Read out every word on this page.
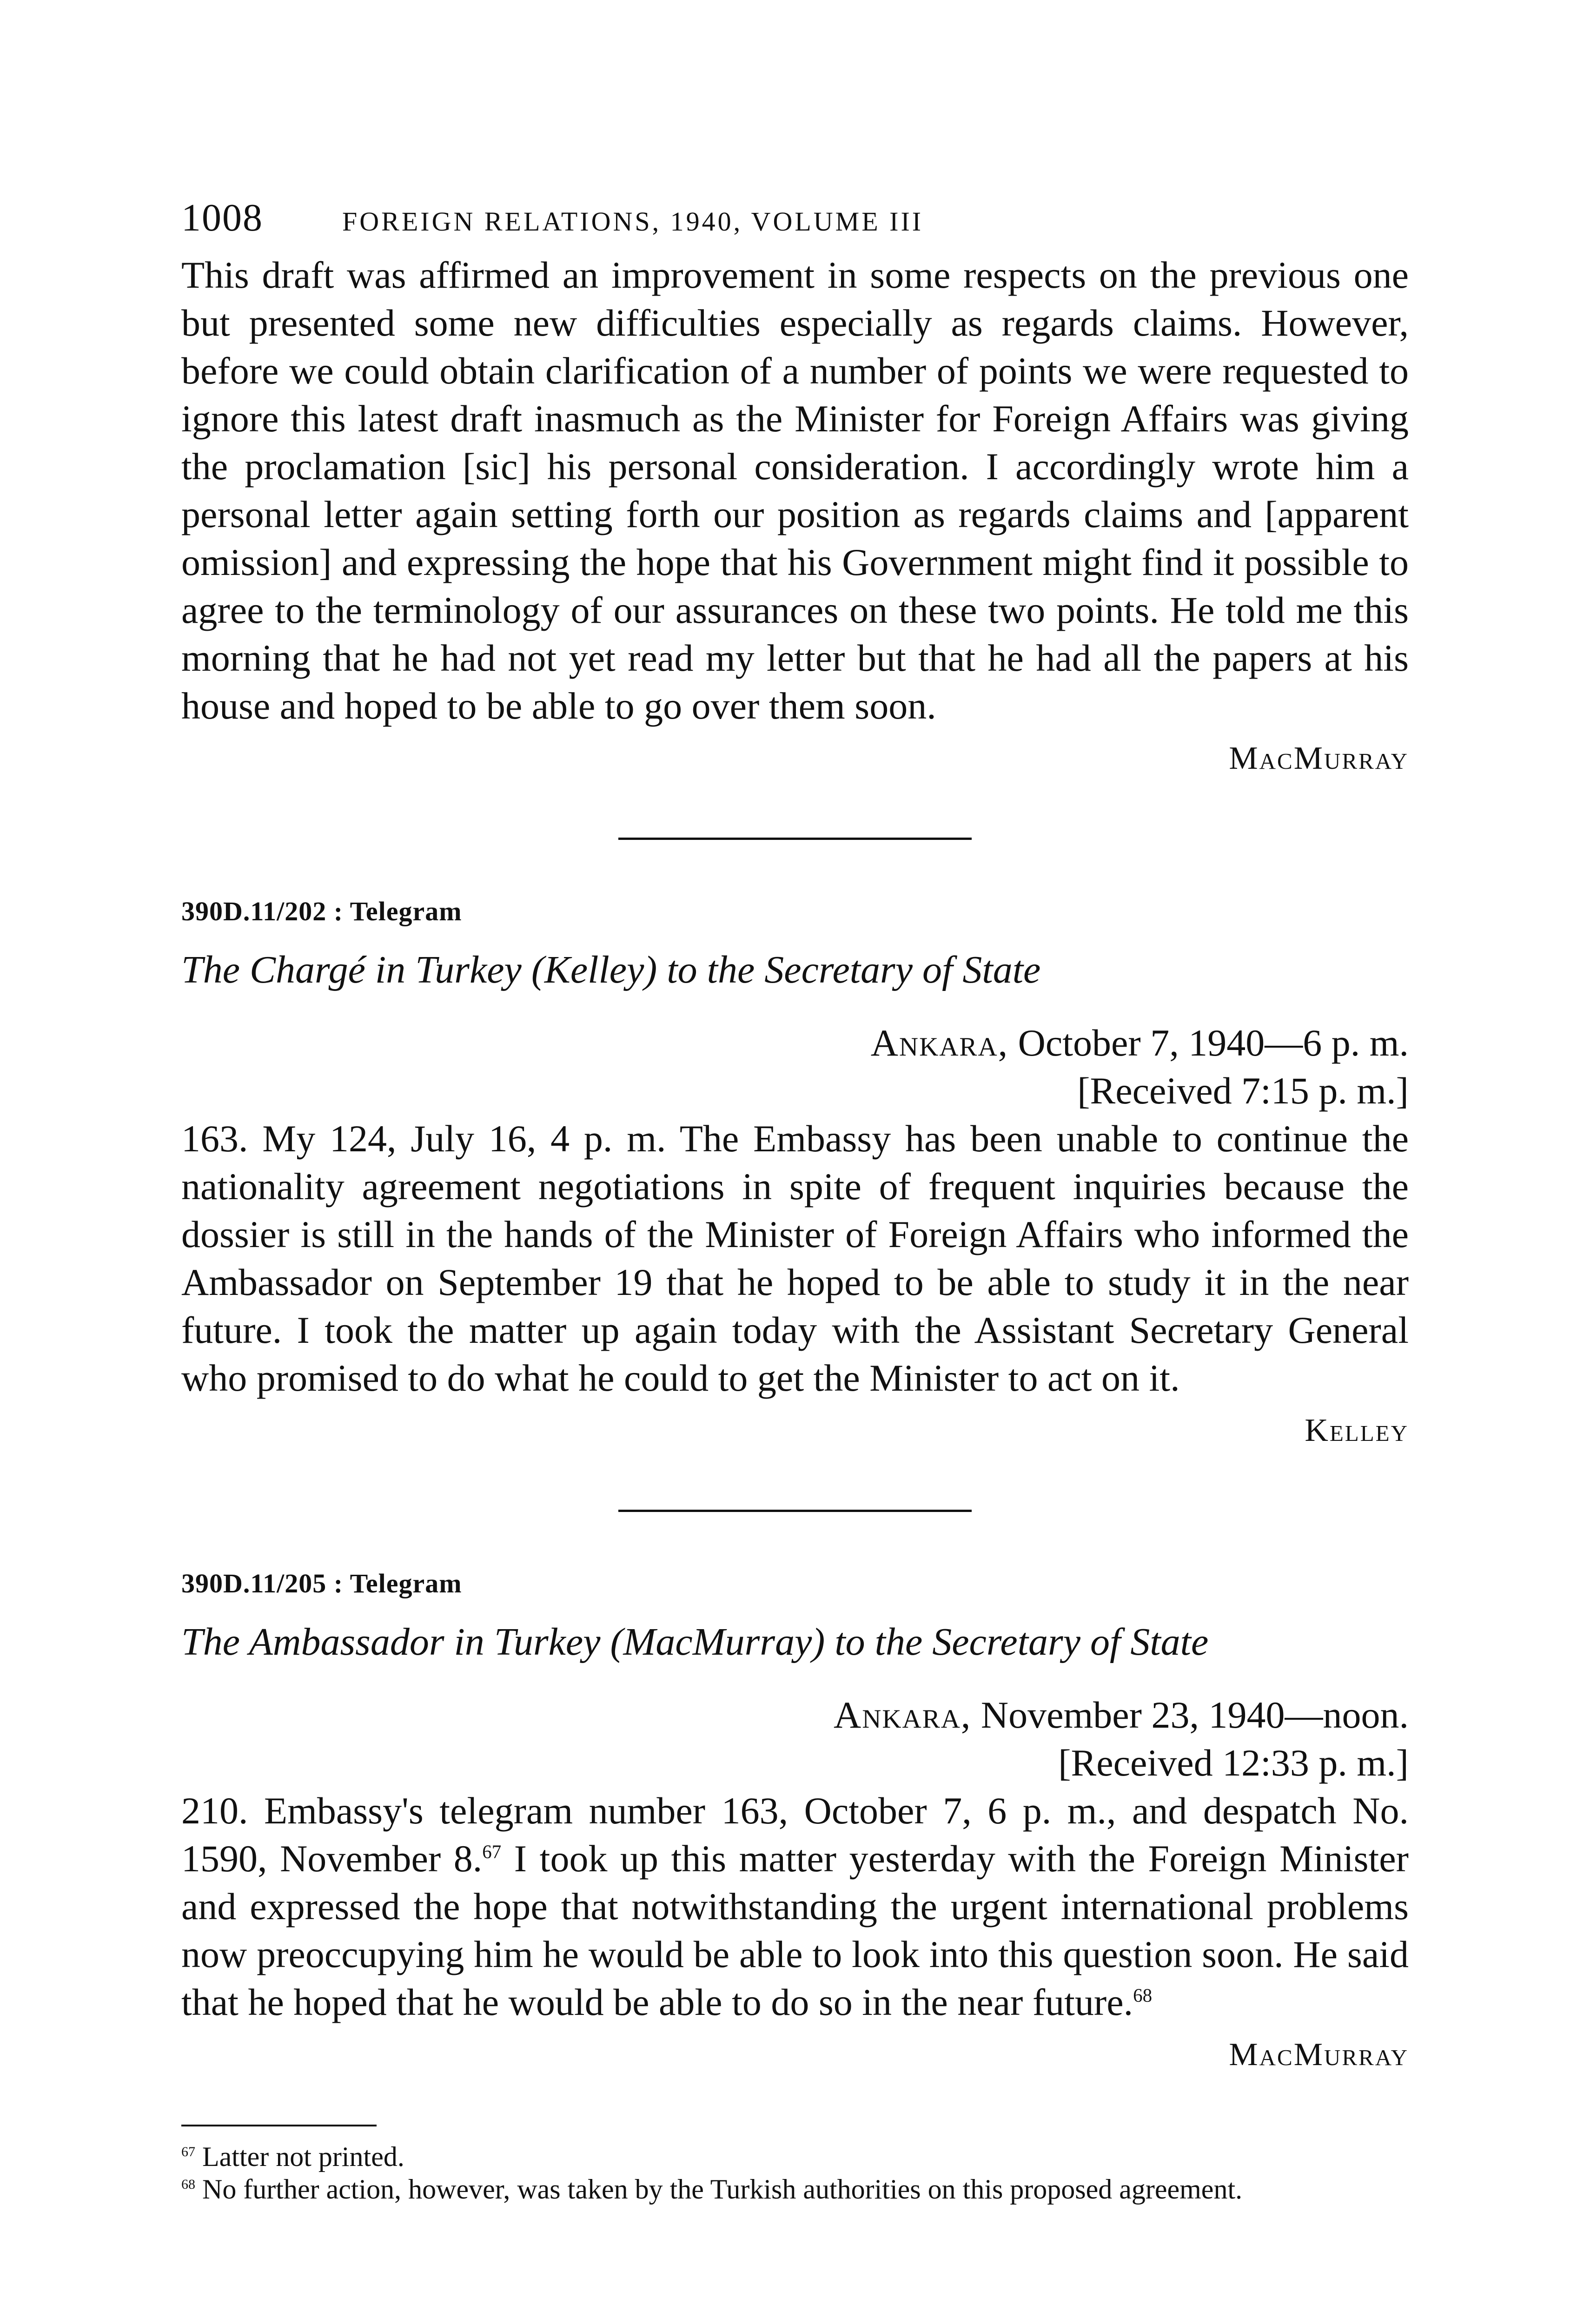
1008	FOREIGN RELATIONS, 1940, VOLUME III

This draft was affirmed an improvement in some respects on the previous one but presented some new difficulties especially as regards claims. However, before we could obtain clarification of a number of points we were requested to ignore this latest draft inasmuch as the Minister for Foreign Affairs was giving the proclamation [sic] his personal consideration. I accordingly wrote him a personal letter again setting forth our position as regards claims and [apparent omission] and expressing the hope that his Government might find it possible to agree to the terminology of our assurances on these two points. He told me this morning that he had not yet read my letter but that he had all the papers at his house and hoped to be able to go over them soon.

MacMurray
390D.11/202 : Telegram
The Chargé in Turkey (Kelley) to the Secretary of State
Ankara, October 7, 1940—6 p. m.
[Received 7:15 p. m.]

163. My 124, July 16, 4 p. m. The Embassy has been unable to continue the nationality agreement negotiations in spite of frequent inquiries because the dossier is still in the hands of the Minister of Foreign Affairs who informed the Ambassador on September 19 that he hoped to be able to study it in the near future. I took the matter up again today with the Assistant Secretary General who promised to do what he could to get the Minister to act on it.

Kelley
390D.11/205 : Telegram
The Ambassador in Turkey (MacMurray) to the Secretary of State
Ankara, November 23, 1940—noon.
[Received 12:33 p. m.]

210. Embassy's telegram number 163, October 7, 6 p. m., and despatch No. 1590, November 8.67 I took up this matter yesterday with the Foreign Minister and expressed the hope that notwithstanding the urgent international problems now preoccupying him he would be able to look into this question soon. He said that he hoped that he would be able to do so in the near future.$^{68}$

MacMurray

$^{67}$ Latter not printed.

$^{68}$ No further action, however, was taken by the Turkish authorities on this proposed agreement.
